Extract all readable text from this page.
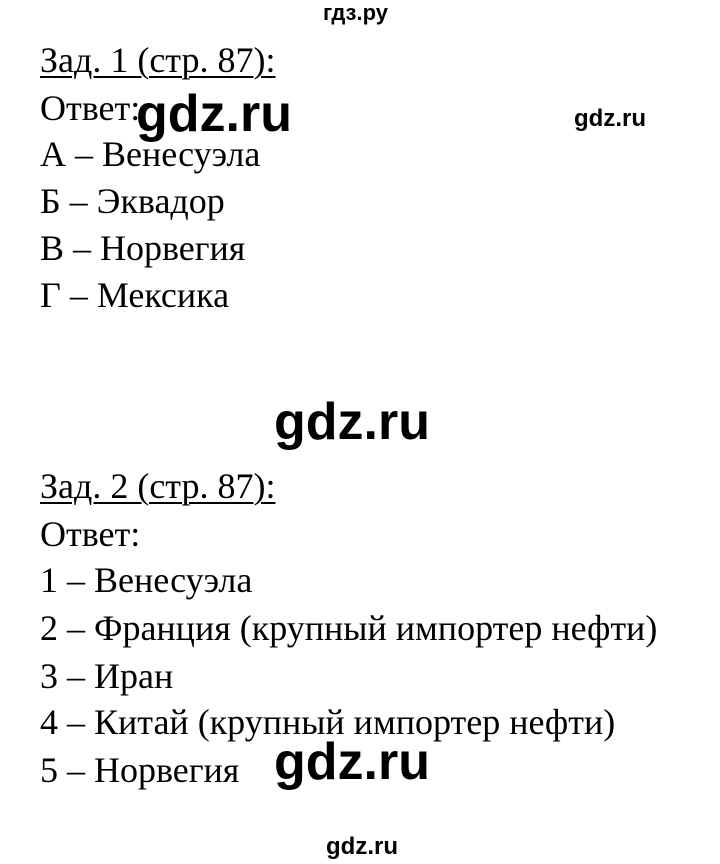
гдз.ру
Зад. 1 (стр. 87):
Ответ:
А – Венесуэла
Б – Эквадор
В – Норвегия
Г – Мексика
gdz.ru	gdz.ru
gdz.ru
Зад. 2 (стр. 87):
Ответ:
1 – Венесуэла
2 – Франция (крупный импортер нефти)
3 – Иран
4 – Китай (крупный импортер нефти)
5 – Норвегия gdz.ru
gdz.ru
